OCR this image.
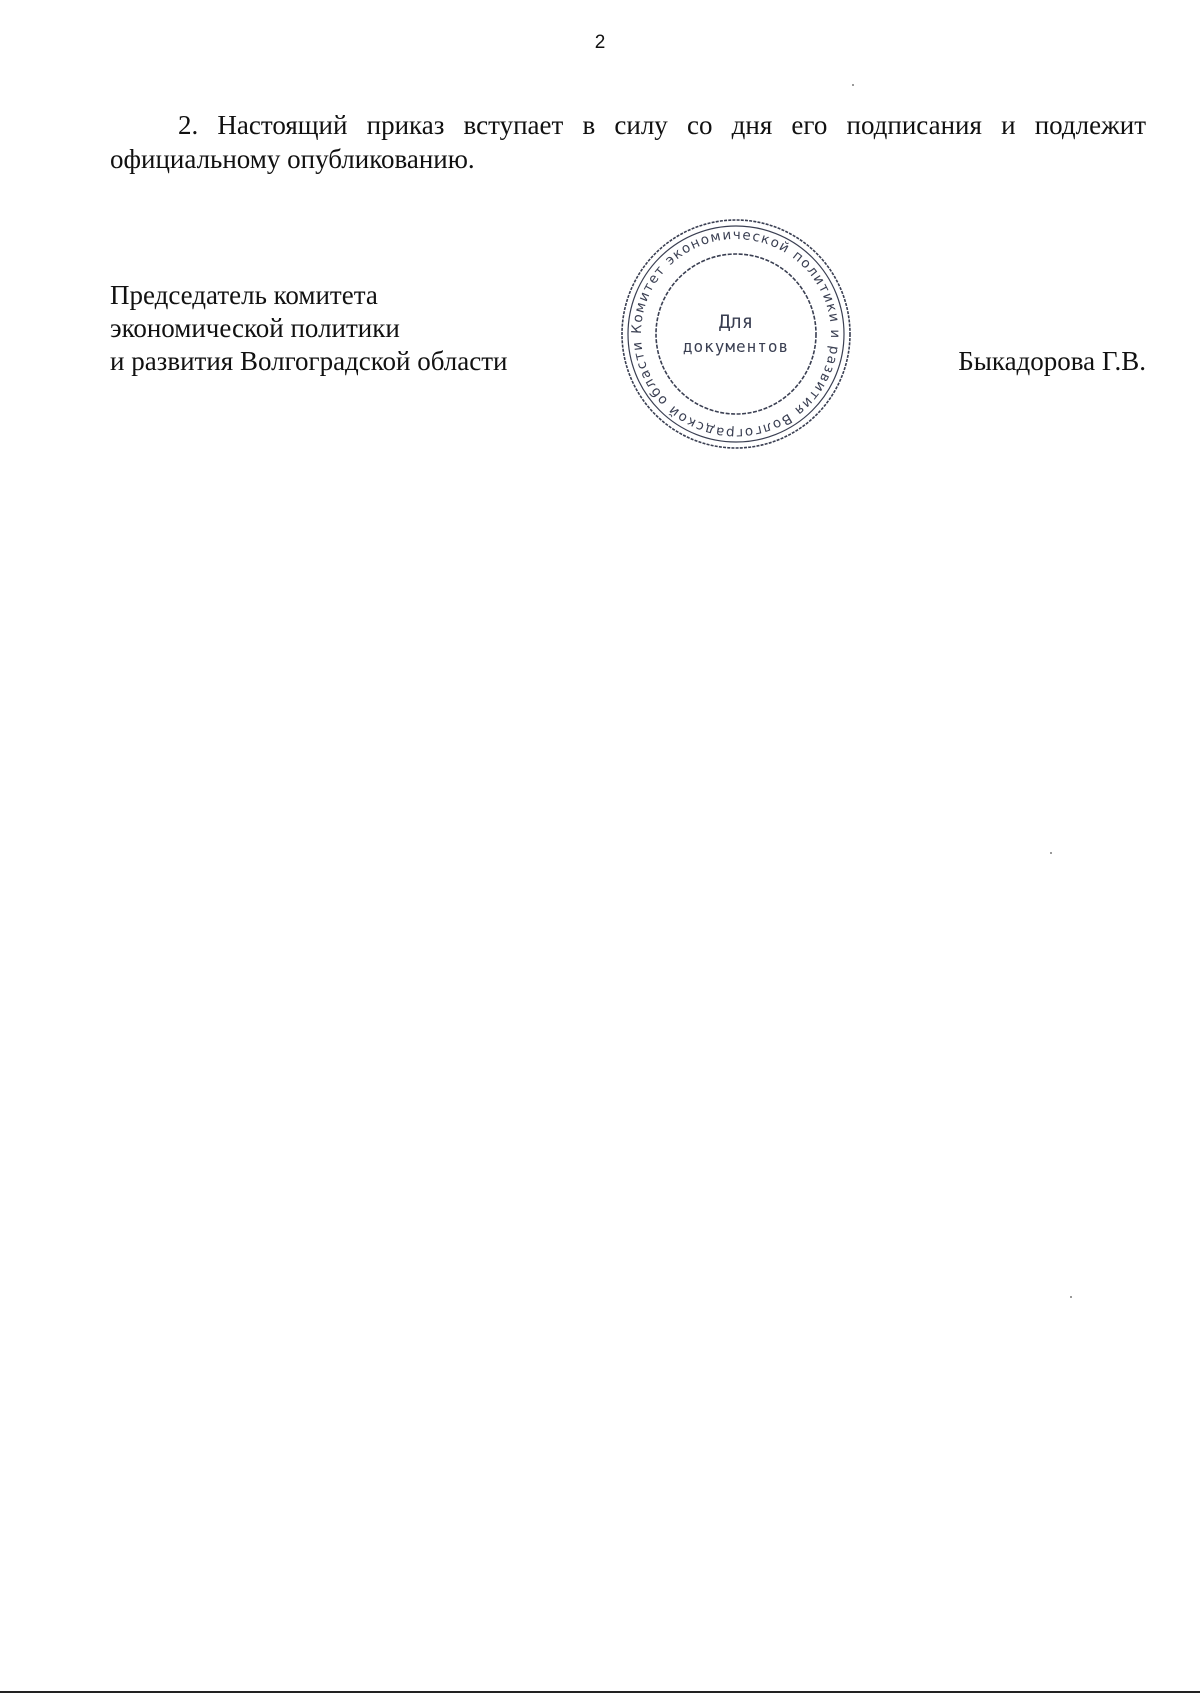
2
2. Настоящий приказ вступает в силу со дня его подписания и подлежит
официальному опубликованию.
Председатель комитета
экономической политики
и развития Волгоградской области
Комитет экономической политики и развития Волгоградской области
Для
документов	Быкадорова Г.В.
